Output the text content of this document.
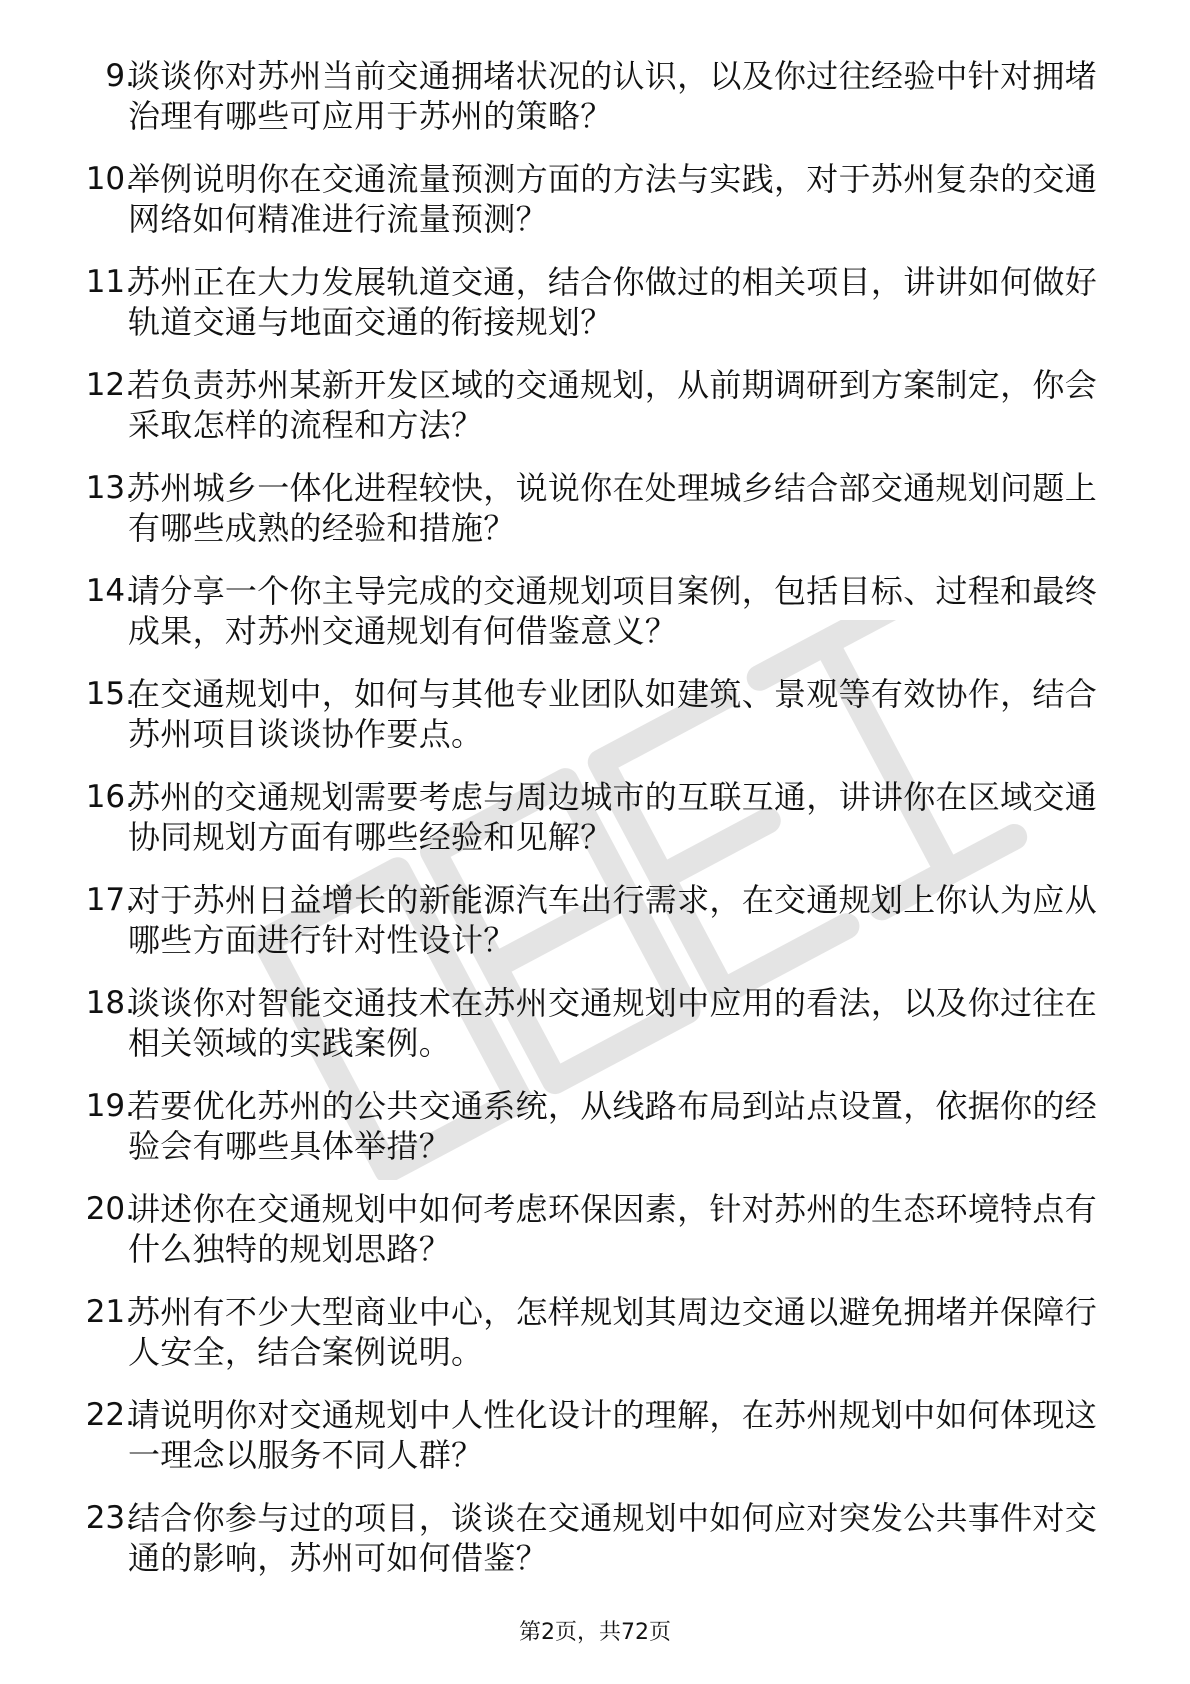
9.
谈谈你对苏州当前交通拥堵状况的认识，以及你过往经验中针对拥堵治理有哪些可应用于苏州的策略？
10.
举例说明你在交通流量预测方面的方法与实践，对于苏州复杂的交通网络如何精准进行流量预测？
11.
苏州正在大力发展轨道交通，结合你做过的相关项目，讲讲如何做好轨道交通与地面交通的衔接规划？
12.
若负责苏州某新开发区域的交通规划，从前期调研到方案制定，你会采取怎样的流程和方法？
13.
苏州城乡一体化进程较快，说说你在处理城乡结合部交通规划问题上有哪些成熟的经验和措施？
14.
请分享一个你主导完成的交通规划项目案例，包括目标、过程和最终成果，对苏州交通规划有何借鉴意义？
15.
在交通规划中，如何与其他专业团队如建筑、景观等有效协作，结合苏州项目谈谈协作要点。
16.
苏州的交通规划需要考虑与周边城市的互联互通，讲讲你在区域交通协同规划方面有哪些经验和见解？
17.
对于苏州日益增长的新能源汽车出行需求，在交通规划上你认为应从哪些方面进行针对性设计？
18.
谈谈你对智能交通技术在苏州交通规划中应用的看法，以及你过往在相关领域的实践案例。
19.
若要优化苏州的公共交通系统，从线路布局到站点设置，依据你的经验会有哪些具体举措？
20.
讲述你在交通规划中如何考虑环保因素，针对苏州的生态环境特点有什么独特的规划思路？
21.
苏州有不少大型商业中心，怎样规划其周边交通以避免拥堵并保障行人安全，结合案例说明。
22.
请说明你对交通规划中人性化设计的理解，在苏州规划中如何体现这一理念以服务不同人群？
23.
结合你参与过的项目，谈谈在交通规划中如何应对突发公共事件对交通的影响，苏州可如何借鉴？
第2页，共72页
